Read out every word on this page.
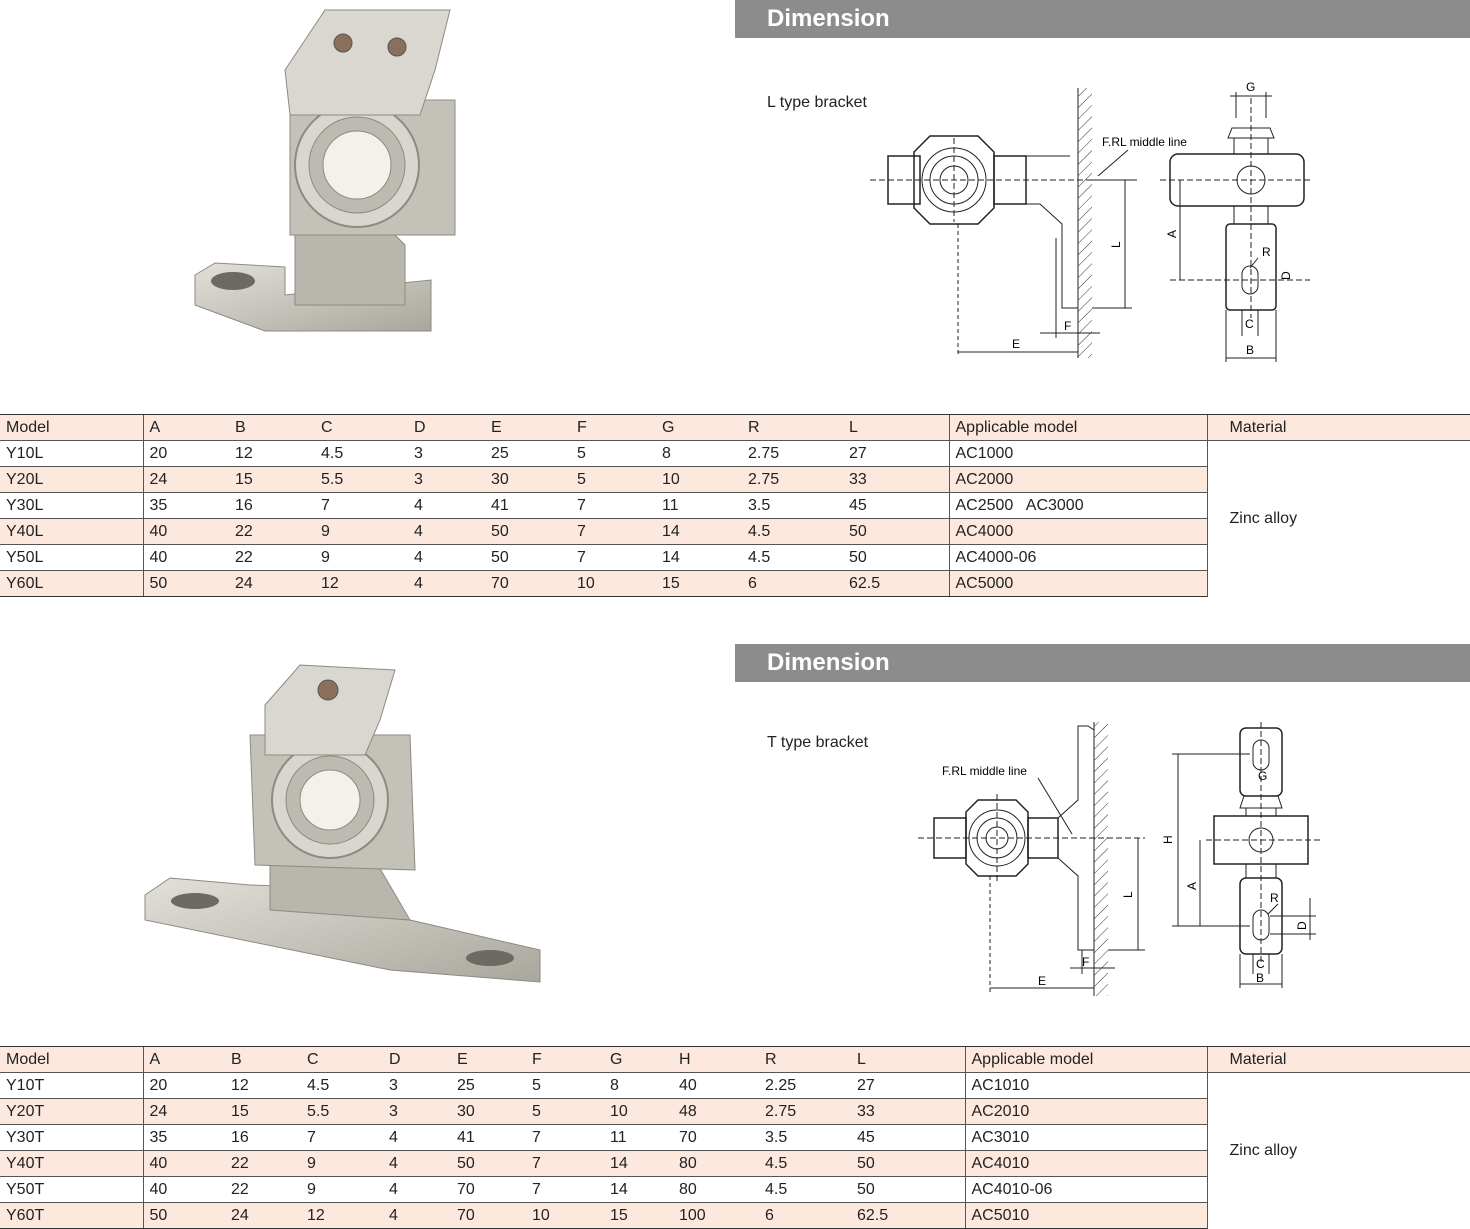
Dimension
L type bracket
L
F
E
F.RL middle line
G
A
R
D
C
B
Model	A	B	C	D	E	F	G	R	L	Applicable model	Material
Y10L	20	12	4.5	3	25	5	8	2.75	27	AC1000	Zinc alloy
Y20L	24	15	5.5	3	30	5	10	2.75	33	AC2000	
Y30L	35	16	7	4	41	7	11	3.5	45	AC2500   AC3000	
Y40L	40	22	9	4	50	7	14	4.5	50	AC4000	
Y50L	40	22	9	4	50	7	14	4.5	50	AC4000-06	
Y60L	50	24	12	4	70	10	15	6	62.5	AC5000	
Dimension
T type bracket
L
F
E
F.RL middle line	G
H
A
R
D
C
B
Model	A	B	C	D	E	F	G	H	R	L	Applicable model	Material
Y10T	20	12	4.5	3	25	5	8	40	2.25	27	AC1010	Zinc alloy
Y20T	24	15	5.5	3	30	5	10	48	2.75	33	AC2010	
Y30T	35	16	7	4	41	7	11	70	3.5	45	AC3010	
Y40T	40	22	9	4	50	7	14	80	4.5	50	AC4010	
Y50T	40	22	9	4	70	7	14	80	4.5	50	AC4010-06	
Y60T	50	24	12	4	70	10	15	100	6	62.5	AC5010	
